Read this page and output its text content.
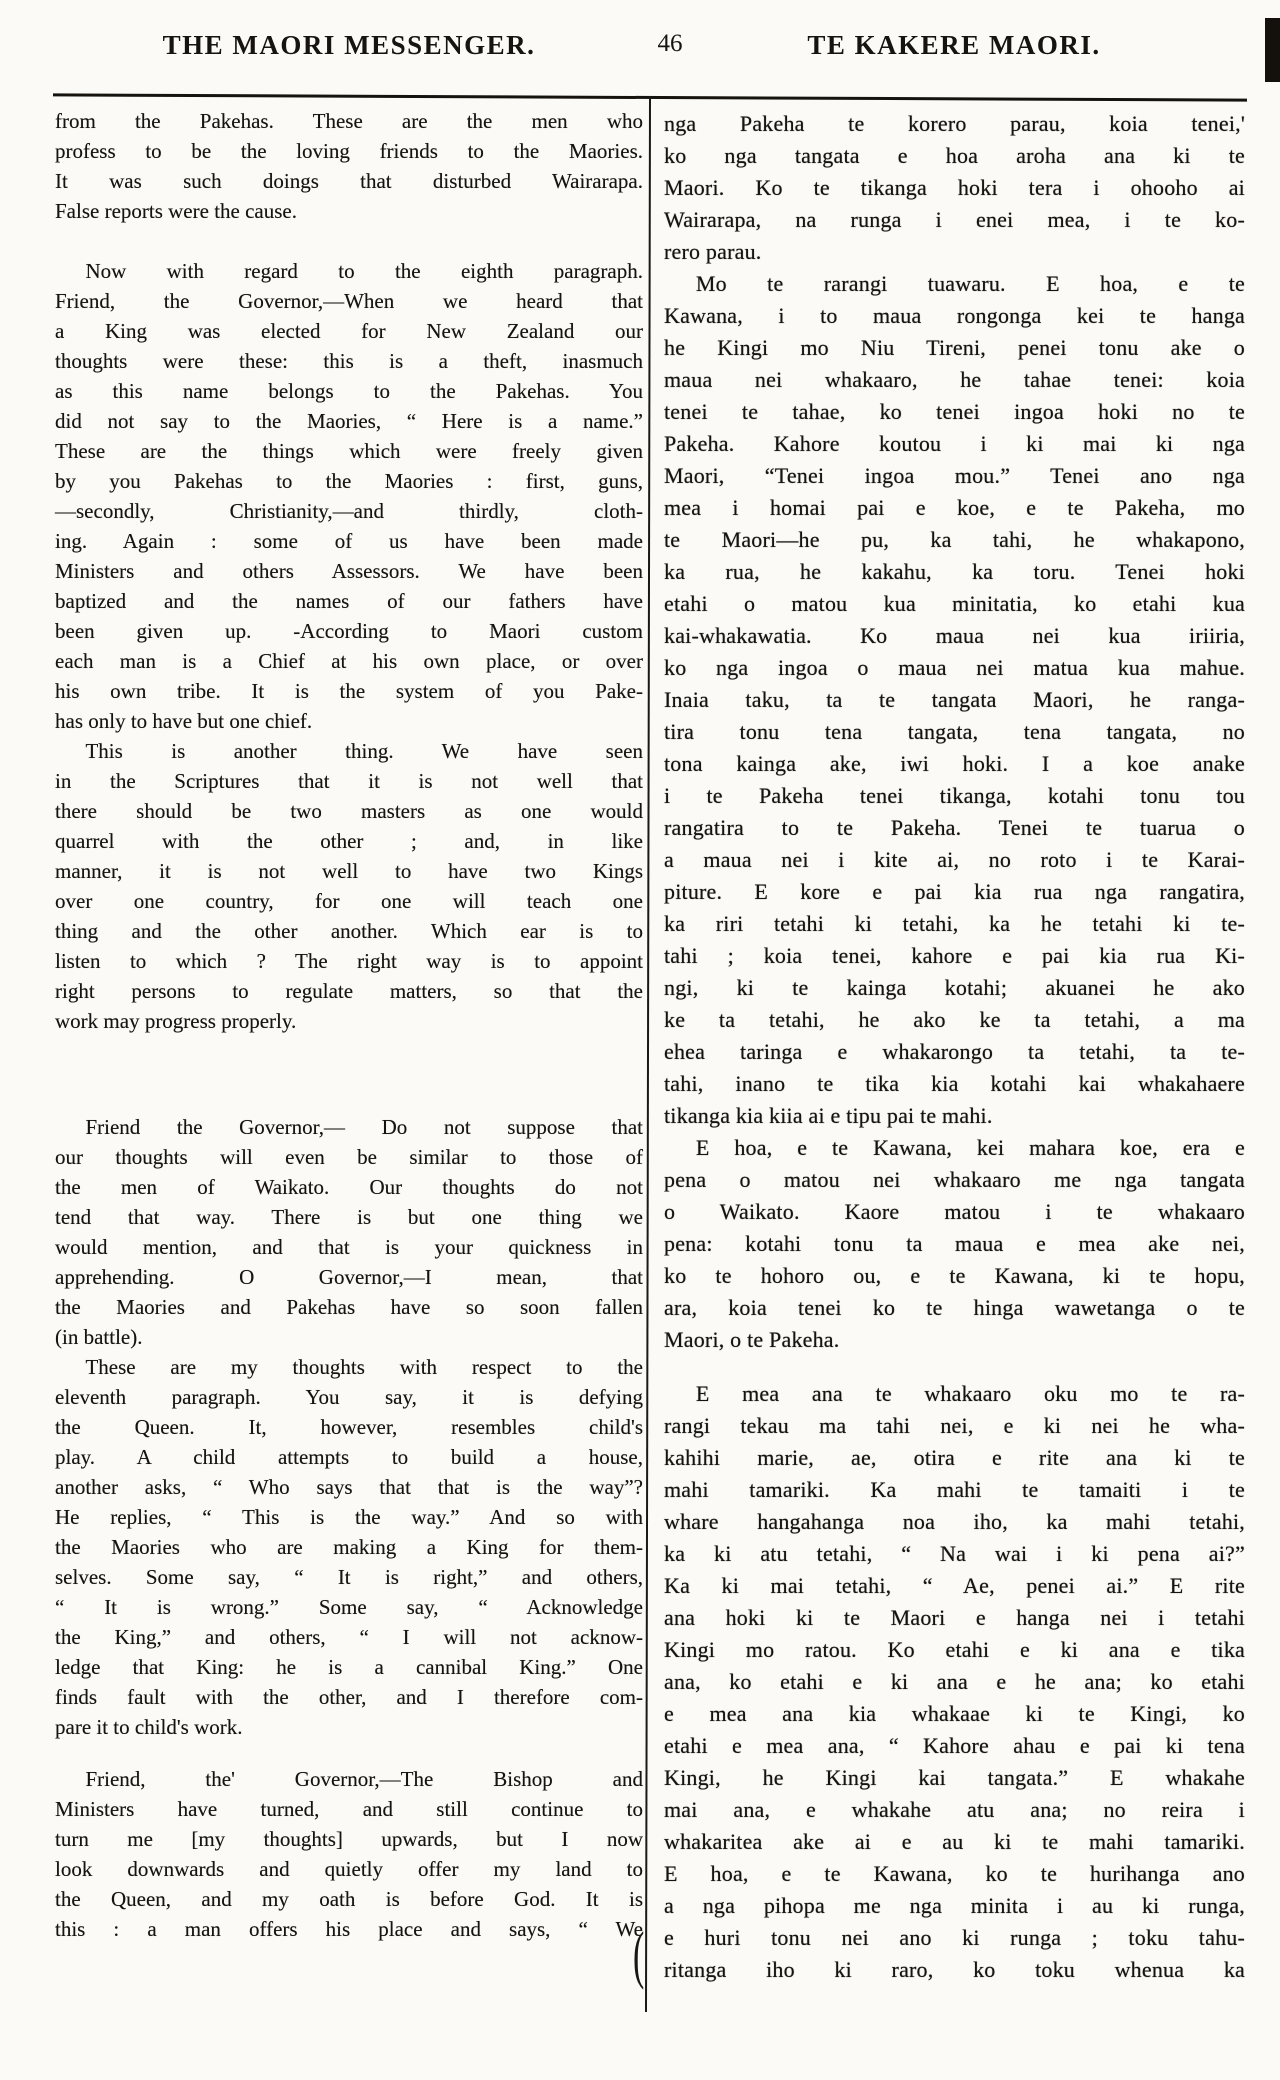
THE MAORI MESSENGER.	46	TE KAKERE MAORI.
from the Pakehas. These are the men who
profess to be the loving friends to the Maories.
It was such doings that disturbed Wairarapa.
False reports were the cause.
Now with regard to the eighth paragraph.
Friend, the Governor,—When we heard that
a King was elected for New Zealand our
thoughts were these: this is a theft, inasmuch
as this name belongs to the Pakehas. You
did not say to the Maories, “ Here is a name.”
These are the things which were freely given
by you Pakehas to the Maories : first, guns,
—secondly, Christianity,—and thirdly, cloth-
ing. Again : some of us have been made
Ministers and others Assessors. We have been
baptized and the names of our fathers have
been given up. -According to Maori custom
each man is a Chief at his own place, or over
his own tribe. It is the system of you Pake-
has only to have but one chief.
This is another thing. We have seen
in the Scriptures that it is not well that
there should be two masters as one would
quarrel with the other ; and, in like
manner, it is not well to have two Kings
over one country, for one will teach one
thing and the other another. Which ear is to
listen to which ? The right way is to appoint
right persons to regulate matters, so that the
work may progress properly.
Friend the Governor,— Do not suppose that
our thoughts will even be similar to those of
the men of Waikato. Our thoughts do not
tend that way. There is but one thing we
would mention, and that is your quickness in
apprehending. O Governor,—I mean, that
the Maories and Pakehas have so soon fallen
(in battle).
These are my thoughts with respect to the
eleventh paragraph. You say, it is defying
the Queen. It, however, resembles child's
play. A child attempts to build a house,
another asks, “ Who says that that is the way”?
He replies, “ This is the way.” And so with
the Maories who are making a King for them-
selves. Some say, “ It is right,” and others,
“ It is wrong.” Some say, “ Acknowledge
the King,” and others, “ I will not acknow-
ledge that King: he is a cannibal King.” One
finds fault with the other, and I therefore com-
pare it to child's work.
Friend, the' Governor,—The Bishop and
Ministers have turned, and still continue to
turn me [my thoughts] upwards, but I now
look downwards and quietly offer my land to
the Queen, and my oath is before God. It is
this : a man offers his place and says, “ We
nga Pakeha te korero parau, koia tenei,'
ko nga tangata e hoa aroha ana ki te
Maori. Ko te tikanga hoki tera i ohooho ai
Wairarapa, na runga i enei mea, i te ko-
rero parau.
Mo te rarangi tuawaru. E hoa, e te
Kawana, i to maua rongonga kei te hanga
he Kingi mo Niu Tireni, penei tonu ake o
maua nei whakaaro, he tahae tenei: koia
tenei te tahae, ko tenei ingoa hoki no te
Pakeha. Kahore koutou i ki mai ki nga
Maori, “Tenei ingoa mou.” Tenei ano nga
mea i homai pai e koe, e te Pakeha, mo
te Maori—he pu, ka tahi, he whakapono,
ka rua, he kakahu, ka toru. Tenei hoki
etahi o matou kua minitatia, ko etahi kua
kai-whakawatia. Ko maua nei kua iriiria,
ko nga ingoa o maua nei matua kua mahue.
Inaia taku, ta te tangata Maori, he ranga-
tira tonu tena tangata, tena tangata, no
tona kainga ake, iwi hoki. I a koe anake
i te Pakeha tenei tikanga, kotahi tonu tou
rangatira to te Pakeha. Tenei te tuarua o
a maua nei i kite ai, no roto i te Karai-
piture. E kore e pai kia rua nga rangatira,
ka riri tetahi ki tetahi, ka he tetahi ki te-
tahi ; koia tenei, kahore e pai kia rua Ki-
ngi, ki te kainga kotahi; akuanei he ako
ke ta tetahi, he ako ke ta tetahi, a ma
ehea taringa e whakarongo ta tetahi, ta te-
tahi, inano te tika kia kotahi kai whakahaere
tikanga kia kiia ai e tipu pai te mahi.
E hoa, e te Kawana, kei mahara koe, era e
pena o matou nei whakaaro me nga tangata
o Waikato. Kaore matou i te whakaaro
pena: kotahi tonu ta maua e mea ake nei,
ko te hohoro ou, e te Kawana, ki te hopu,
ara, koia tenei ko te hinga wawetanga o te
Maori, o te Pakeha.
E mea ana te whakaaro oku mo te ra-
rangi tekau ma tahi nei, e ki nei he wha-
kahihi marie, ae, otira e rite ana ki te
mahi tamariki. Ka mahi te tamaiti i te
whare hangahanga noa iho, ka mahi tetahi,
ka ki atu tetahi, “ Na wai i ki pena ai?”
Ka ki mai tetahi, “ Ae, penei ai.” E rite
ana hoki ki te Maori e hanga nei i tetahi
Kingi mo ratou. Ko etahi e ki ana e tika
ana, ko etahi e ki ana e he ana; ko etahi
e mea ana kia whakaae ki te Kingi, ko
etahi e mea ana, “ Kahore ahau e pai ki tena
Kingi, he Kingi kai tangata.” E whakahe
mai ana, e whakahe atu ana; no reira i
whakaritea ake ai e au ki te mahi tamariki.
E hoa, e te Kawana, ko te hurihanga ano
a nga pihopa me nga minita i au ki runga,
e huri tonu nei ano ki runga ; toku tahu-
ritanga iho ki raro, ko toku whenua ka
(
